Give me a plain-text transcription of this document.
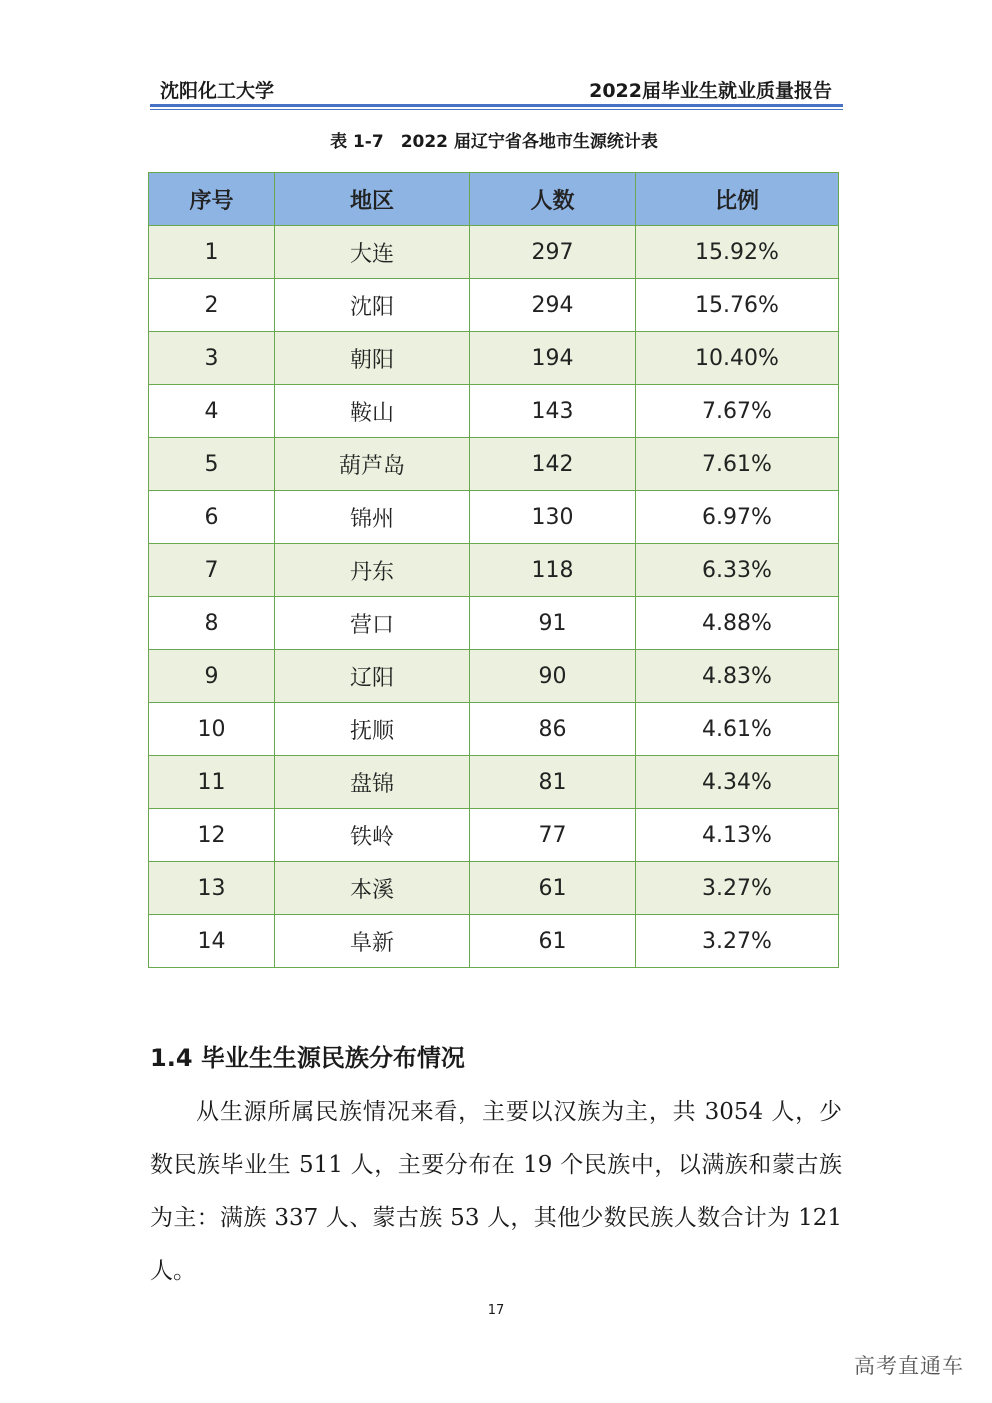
沈阳化工大学	2022届毕业生就业质量报告
表 1-7　2022 届辽宁省各地市生源统计表
序号	地区	人数	比例
1	大连	297	15.92%
2	沈阳	294	15.76%
3	朝阳	194	10.40%
4	鞍山	143	7.67%
5	葫芦岛	142	7.61%
6	锦州	130	6.97%
7	丹东	118	6.33%
8	营口	91	4.88%
9	辽阳	90	4.83%
10	抚顺	86	4.61%
11	盘锦	81	4.34%
12	铁岭	77	4.13%
13	本溪	61	3.27%
14	阜新	61	3.27%
1.4 毕业生生源民族分布情况
从生源所属民族情况来看，主要以汉族为主，共 3054 人，少数民族毕业生 511 人，主要分布在 19 个民族中，以满族和蒙古族为主：满族 337 人、蒙古族 53 人，其他少数民族人数合计为 121 人。
17
高考直通车
